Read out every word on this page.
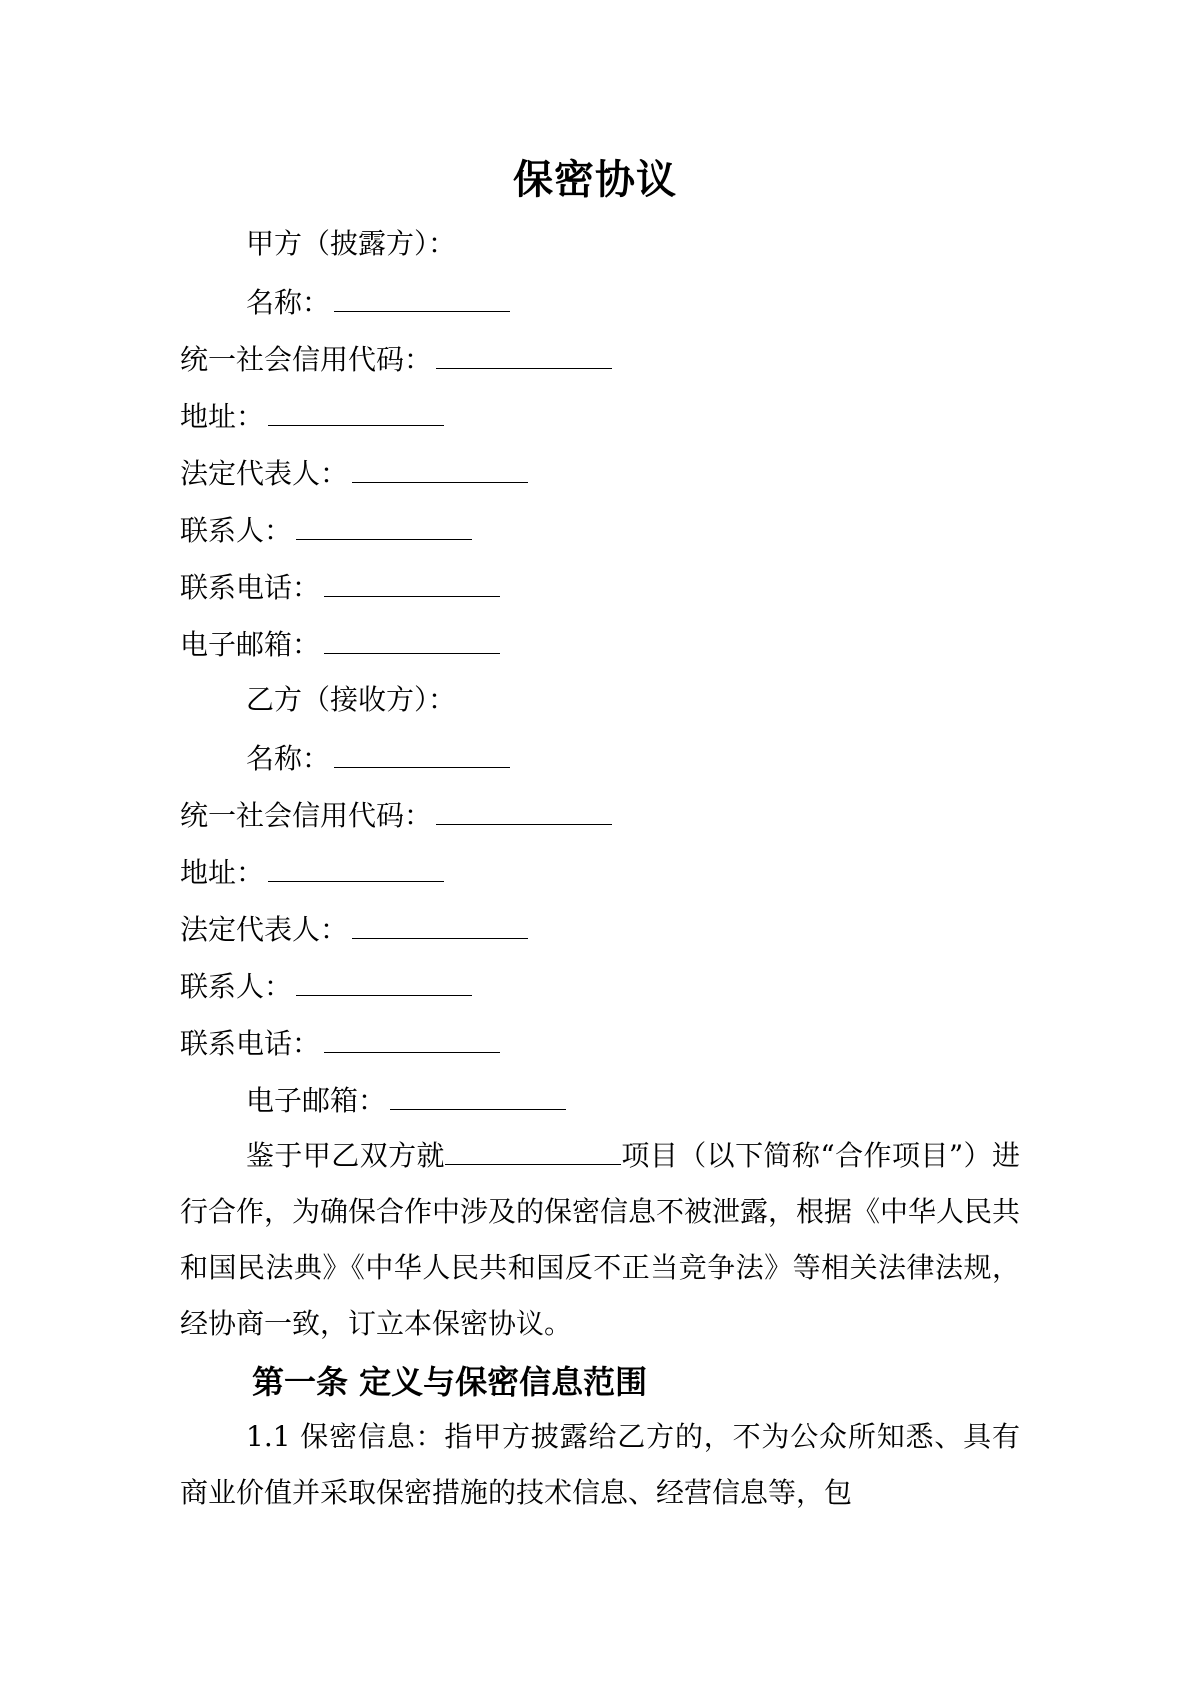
保密协议
甲方（披露方）：
名称：
统一社会信用代码：
地址：
法定代表人：
联系人：
联系电话：
电子邮箱：
乙方（接收方）：
名称：
统一社会信用代码：
地址：
法定代表人：
联系人：
联系电话：
电子邮箱：
鉴于甲乙双方就	项目（以下简称“合作项目”）进行合作，为确保合作中涉及的保密信息不被泄露，根据《中华人民共和国民法典》《中华人民共和国反不正当竞争法》等相关法律法规，经协商一致，订立本保密协议。
第一条 定义与保密信息范围
1.1 保密信息：指甲方披露给乙方的，不为公众所知悉、具有商业价值并采取保密措施的技术信息、经营信息等，包
